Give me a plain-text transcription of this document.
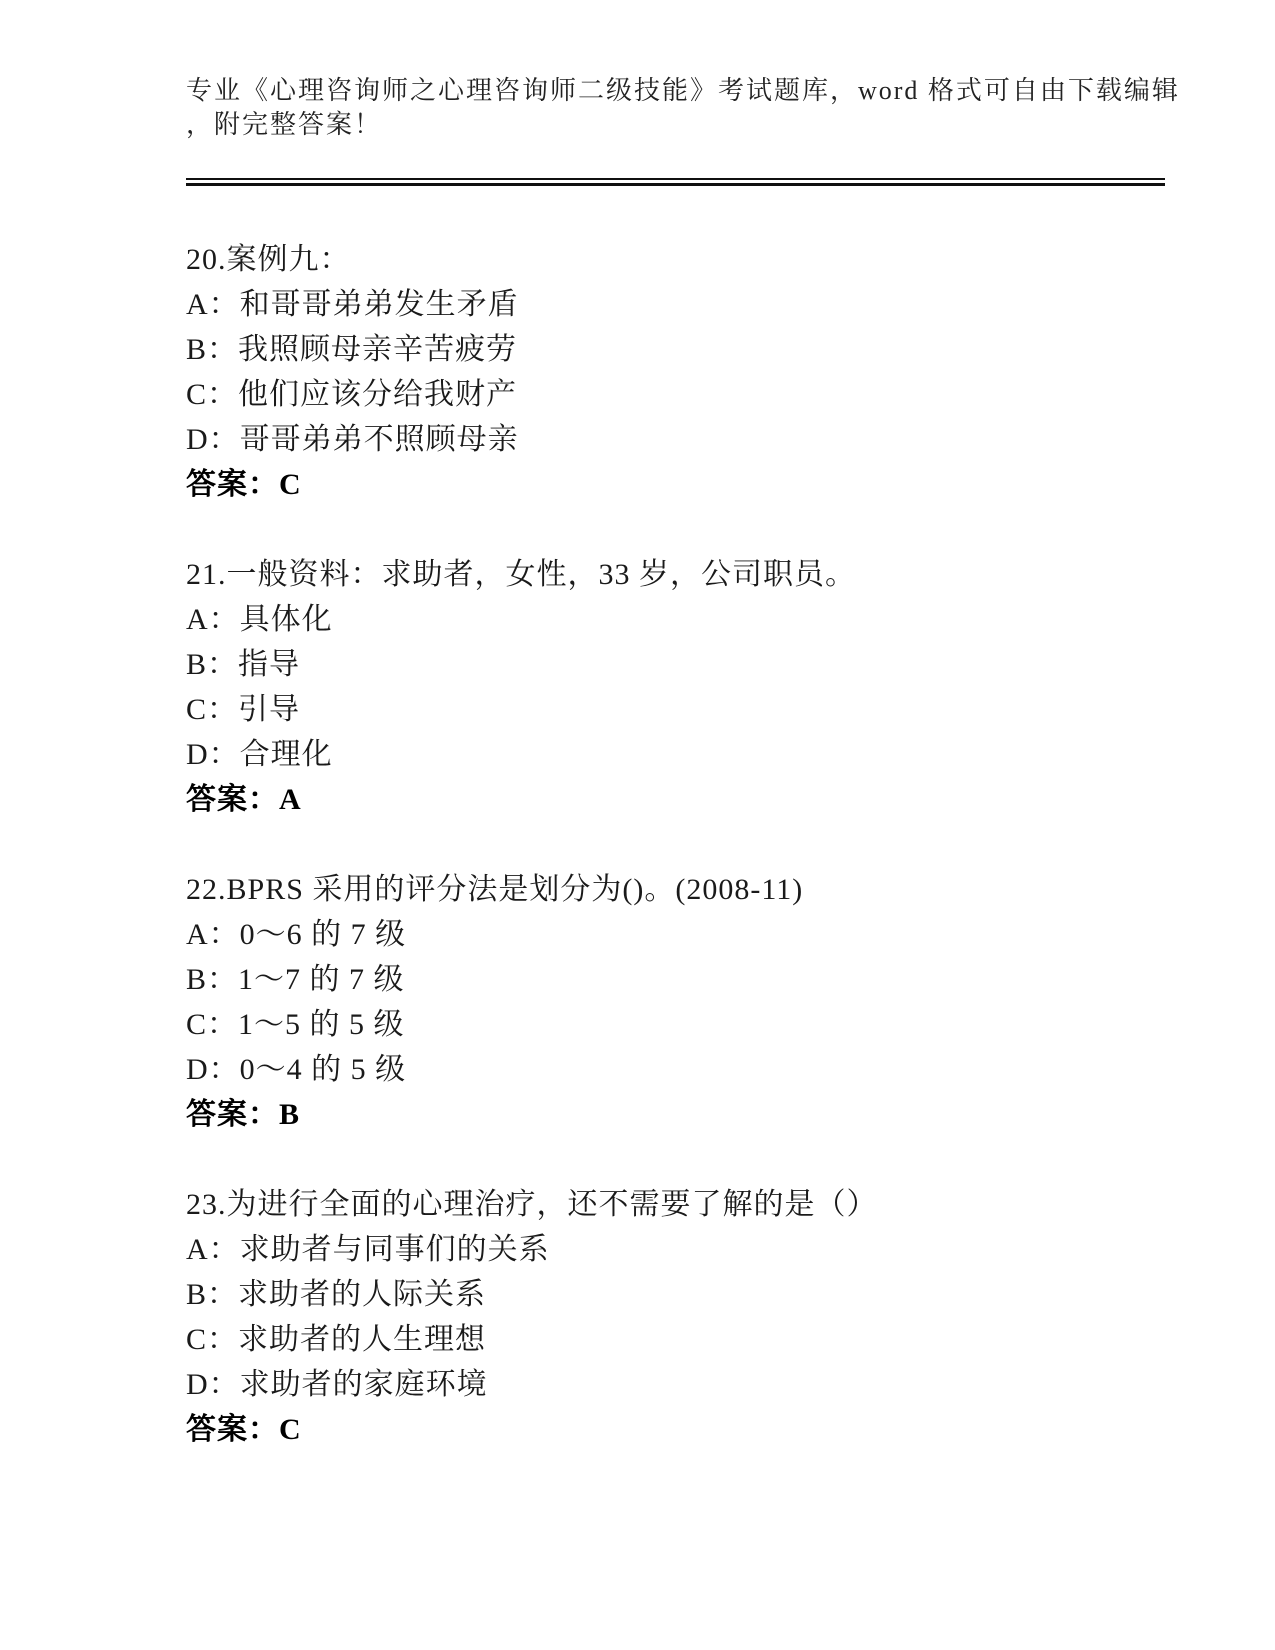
专业《心理咨询师之心理咨询师二级技能》考试题库，word 格式可自由下载编辑
，附完整答案！

20.案例九：

A：和哥哥弟弟发生矛盾

B：我照顾母亲辛苦疲劳

C：他们应该分给我财产

D：哥哥弟弟不照顾母亲

答案：C

21.一般资料：求助者，女性，33 岁，公司职员。

A：具体化

B：指导

C：引导

D：合理化

答案：A

22.BPRS 采用的评分法是划分为()。(2008-11)

A：0～6 的 7 级

B：1～7 的 7 级

C：1～5 的 5 级

D：0～4 的 5 级

答案：B

23.为进行全面的心理治疗，还不需要了解的是（）

A：求助者与同事们的关系

B：求助者的人际关系

C：求助者的人生理想

D：求助者的家庭环境

答案：C
